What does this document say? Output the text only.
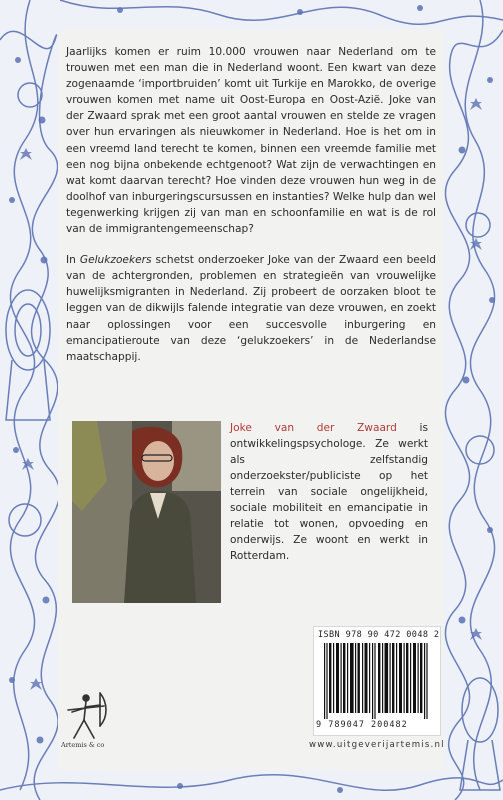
Jaarlijks komen er ruim 10.000 vrouwen naar Nederland om te trouwen met een man die in Nederland woont. Een kwart van deze zogenaamde ‘importbruiden’ komt uit Turkije en Marokko, de overige vrouwen komen met name uit Oost-Europa en Oost-Azië. Joke van der Zwaard sprak met een groot aantal vrouwen en stelde ze vragen over hun ervaringen als nieuwkomer in Nederland. Hoe is het om in een vreemd land terecht te komen, binnen een vreemde familie met een nog bijna onbekende echtgenoot? Wat zijn de verwachtingen en wat komt daarvan terecht? Hoe vinden deze vrouwen hun weg in de doolhof van inburgeringscursussen en instanties? Welke hulp dan wel tegenwerking krijgen zij van man en schoonfamilie en wat is de rol van de immigrantengemeenschap?

In Gelukzoekers schetst onderzoeker Joke van der Zwaard een beeld van de achtergronden, problemen en strategieën van vrouwelijke huwelijksmigranten in Nederland. Zij probeert de oorzaken bloot te leggen van de dikwijls falende integratie van deze vrouwen, en zoekt naar oplossingen voor een succesvolle inburgering en emancipatieroute van deze ‘gelukzoekers’ in de Nederlandse maatschappij.

Joke van der Zwaard is ontwikkelingspsychologe. Ze werkt als zelfstandig onderzoekster/publiciste op het terrein van sociale ongelijkheid, sociale mobiliteit en emancipatie in relatie tot wonen, opvoeding en onderwijs. Ze woont en werkt in Rotterdam.
Artemis & co
ISBN 978 90 472 0048 2
9 789047 200482
www.uitgeverijartemis.nl
